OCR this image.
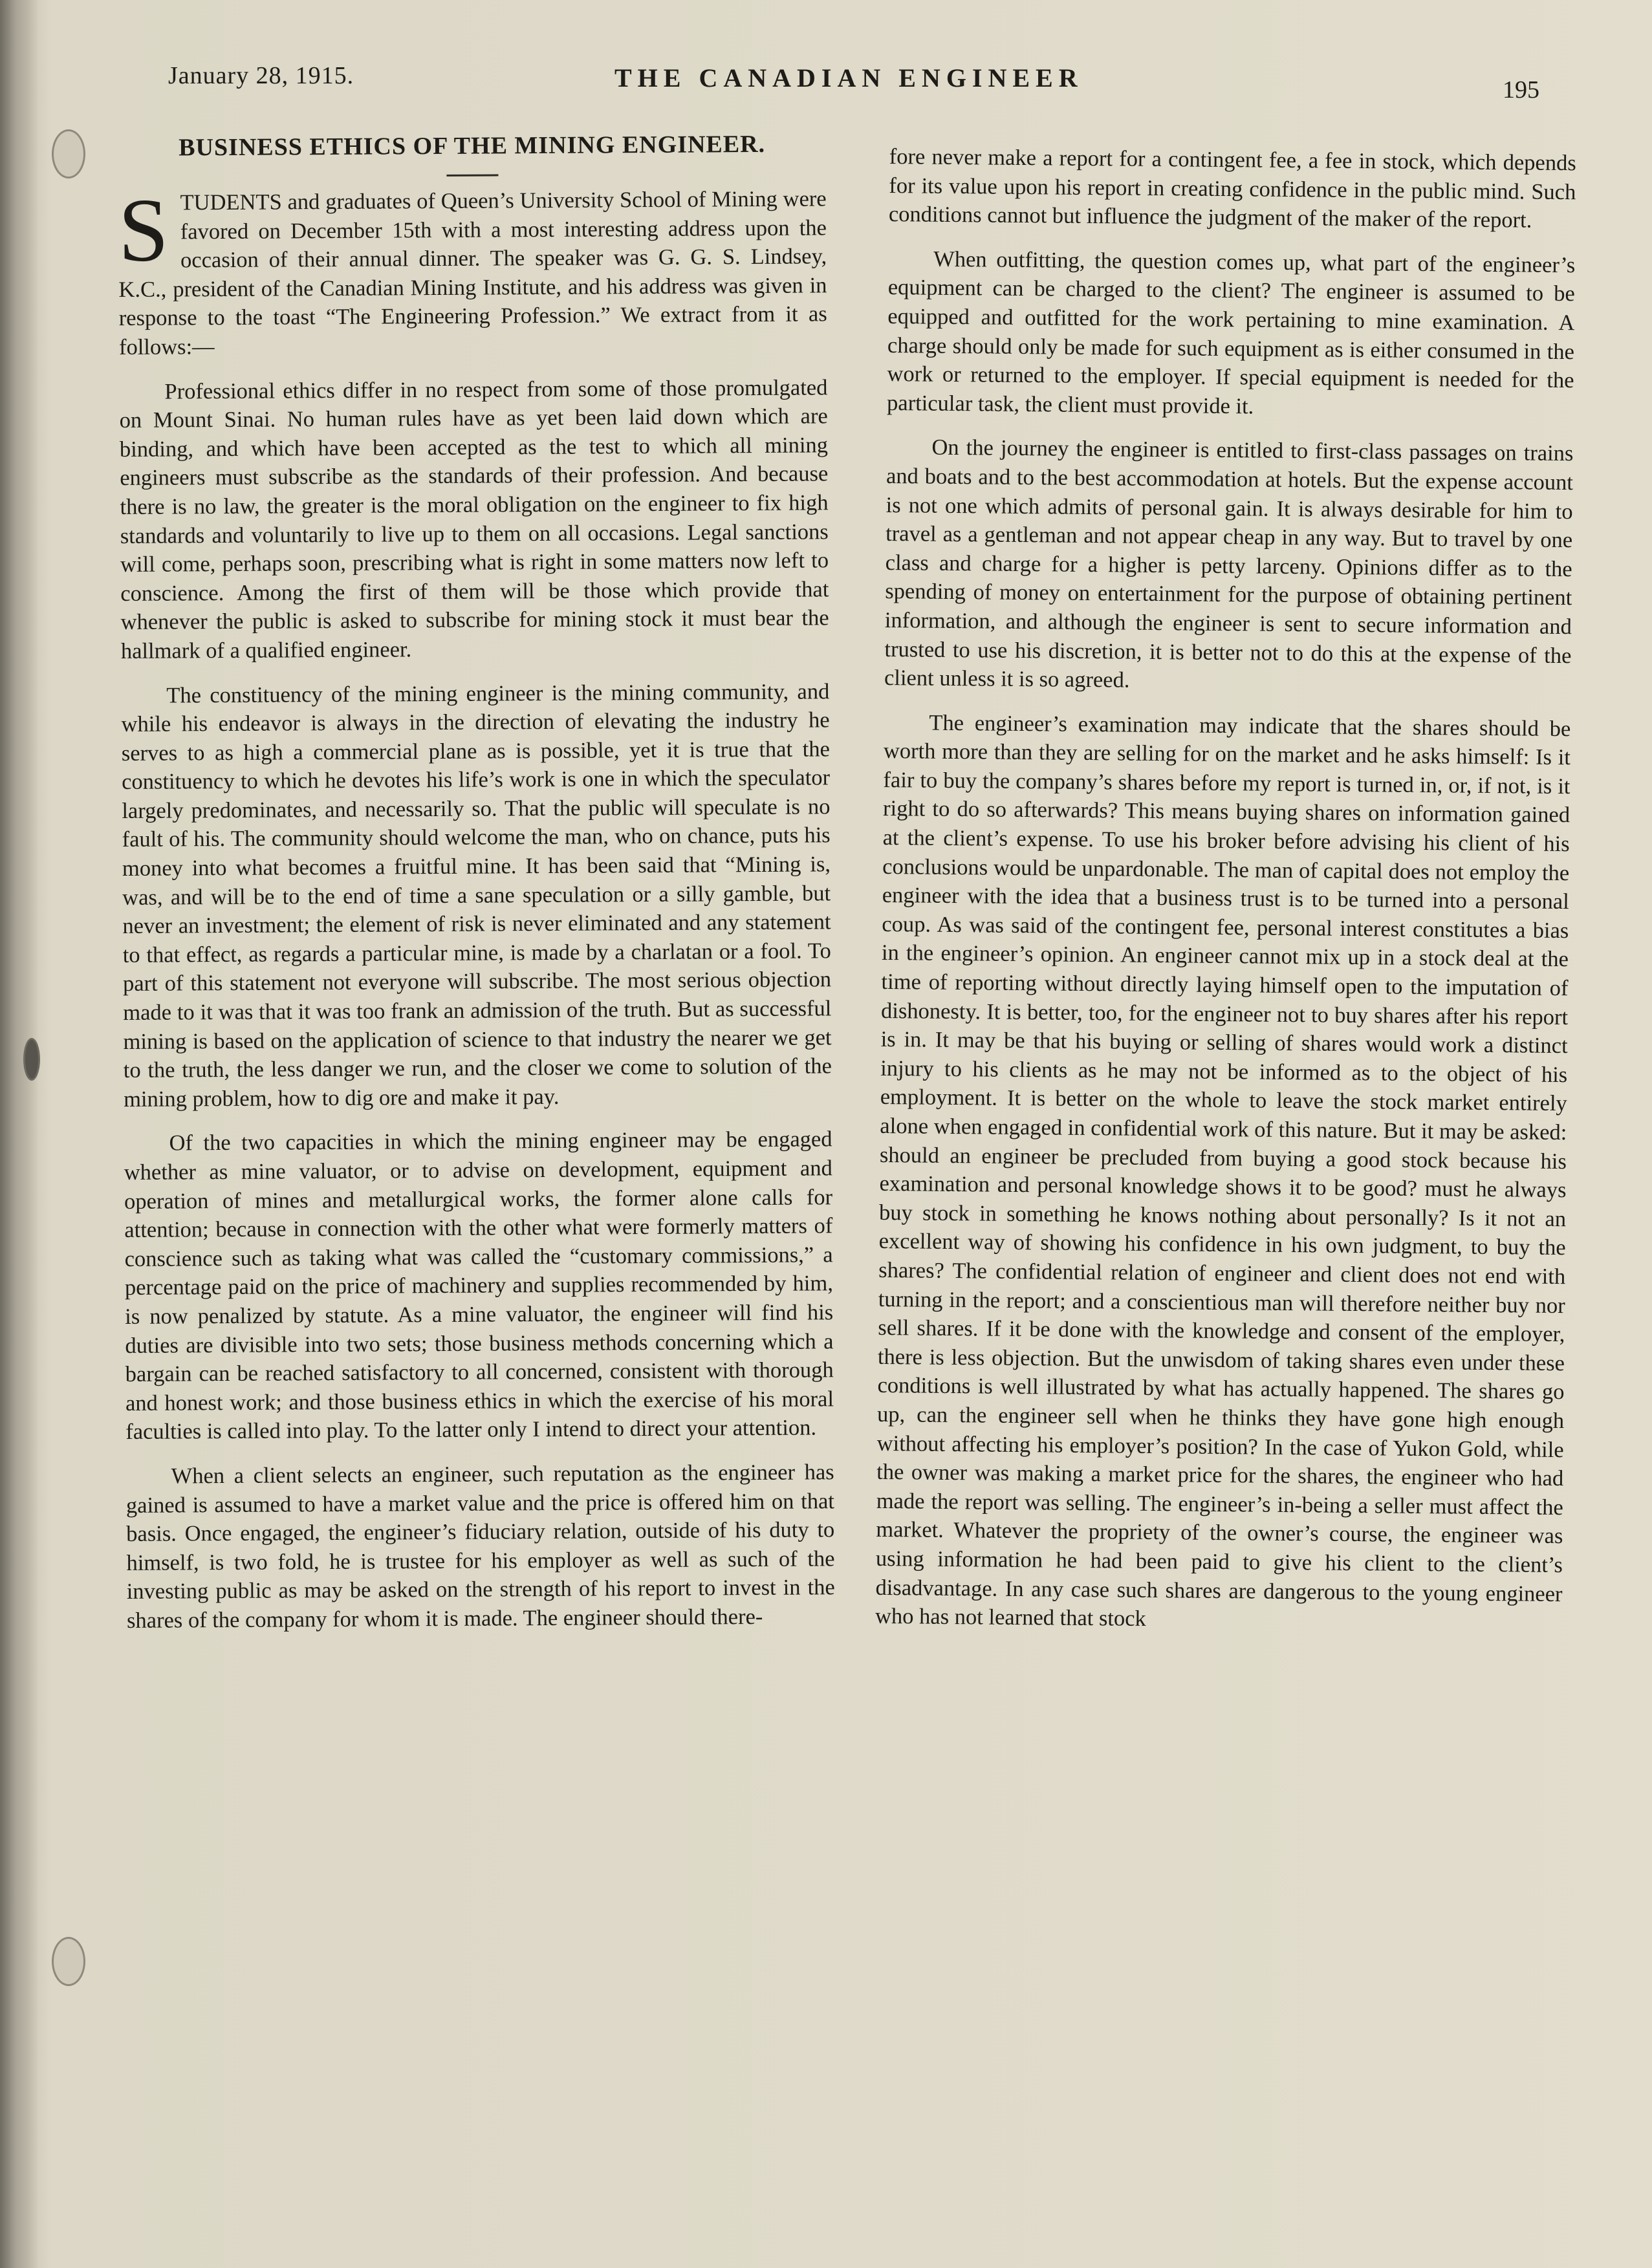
January 28, 1915.	THE CANADIAN ENGINEER	195
BUSINESS ETHICS OF THE MINING ENGINEER.

S TUDENTS and graduates of Queen’s University School of Mining were favored on December 15th with a most interesting address upon the occasion of their annual dinner. The speaker was G. G. S. Lindsey, K.C., president of the Canadian Mining Institute, and his address was given in response to the toast “The Engineering Profession.” We extract from it as follows:—

Professional ethics differ in no respect from some of those promulgated on Mount Sinai. No human rules have as yet been laid down which are binding, and which have been accepted as the test to which all mining engineers must subscribe as the standards of their profession. And because there is no law, the greater is the moral obligation on the engineer to fix high standards and voluntarily to live up to them on all occasions. Legal sanctions will come, perhaps soon, prescribing what is right in some matters now left to conscience. Among the first of them will be those which provide that whenever the public is asked to subscribe for mining stock it must bear the hallmark of a qualified engineer.

The constituency of the mining engineer is the mining community, and while his endeavor is always in the direction of elevating the industry he serves to as high a commercial plane as is possible, yet it is true that the constituency to which he devotes his life’s work is one in which the speculator largely predominates, and necessarily so. That the public will speculate is no fault of his. The community should welcome the man, who on chance, puts his money into what becomes a fruitful mine. It has been said that “Mining is, was, and will be to the end of time a sane speculation or a silly gamble, but never an investment; the element of risk is never eliminated and any statement to that effect, as regards a particular mine, is made by a charlatan or a fool. To part of this statement not everyone will subscribe. The most serious objection made to it was that it was too frank an admission of the truth. But as successful mining is based on the application of science to that industry the nearer we get to the truth, the less danger we run, and the closer we come to solution of the mining problem, how to dig ore and make it pay.

Of the two capacities in which the mining engineer may be engaged whether as mine valuator, or to advise on development, equipment and operation of mines and metallurgical works, the former alone calls for attention; because in connection with the other what were formerly matters of conscience such as taking what was called the “customary commissions,” a percentage paid on the price of machinery and supplies recommended by him, is now penalized by statute. As a mine valuator, the engineer will find his duties are divisible into two sets; those business methods concerning which a bargain can be reached satisfactory to all concerned, consistent with thorough and honest work; and those business ethics in which the exercise of his moral faculties is called into play. To the latter only I intend to direct your attention.

When a client selects an engineer, such reputation as the engineer has gained is assumed to have a market value and the price is offered him on that basis. Once engaged, the engineer’s fiduciary relation, outside of his duty to himself, is two fold, he is trustee for his employer as well as such of the investing public as may be asked on the strength of his report to invest in the shares of the company for whom it is made. The engineer should there-

fore never make a report for a contingent fee, a fee in stock, which depends for its value upon his report in creating confidence in the public mind. Such conditions cannot but influence the judgment of the maker of the report.

When outfitting, the question comes up, what part of the engineer’s equipment can be charged to the client? The engineer is assumed to be equipped and outfitted for the work pertaining to mine examination. A charge should only be made for such equipment as is either consumed in the work or returned to the employer. If special equipment is needed for the particular task, the client must provide it.

On the journey the engineer is entitled to first-class passages on trains and boats and to the best accommodation at hotels. But the expense account is not one which admits of personal gain. It is always desirable for him to travel as a gentleman and not appear cheap in any way. But to travel by one class and charge for a higher is petty larceny. Opinions differ as to the spending of money on entertainment for the purpose of obtaining pertinent information, and although the engineer is sent to secure information and trusted to use his discretion, it is better not to do this at the expense of the client unless it is so agreed.

The engineer’s examination may indicate that the shares should be worth more than they are selling for on the market and he asks himself: Is it fair to buy the company’s shares before my report is turned in, or, if not, is it right to do so afterwards? This means buying shares on information gained at the client’s expense. To use his broker before advising his client of his conclusions would be unpardonable. The man of capital does not employ the engineer with the idea that a business trust is to be turned into a personal coup. As was said of the contingent fee, personal interest constitutes a bias in the engineer’s opinion. An engineer cannot mix up in a stock deal at the time of reporting without directly laying himself open to the imputation of dishonesty. It is better, too, for the engineer not to buy shares after his report is in. It may be that his buying or selling of shares would work a distinct injury to his clients as he may not be informed as to the object of his employment. It is better on the whole to leave the stock market entirely alone when engaged in confidential work of this nature. But it may be asked: should an engineer be precluded from buying a good stock because his examination and personal knowledge shows it to be good? must he always buy stock in something he knows nothing about personally? Is it not an excellent way of showing his confidence in his own judgment, to buy the shares? The confidential relation of engineer and client does not end with turning in the report; and a conscientious man will therefore neither buy nor sell shares. If it be done with the knowledge and consent of the employer, there is less objection. But the unwisdom of taking shares even under these conditions is well illustrated by what has actually happened. The shares go up, can the engineer sell when he thinks they have gone high enough without affecting his employer’s position? In the case of Yukon Gold, while the owner was making a market price for the shares, the engineer who had made the report was selling. The engineer’s in-being a seller must affect the market. Whatever the propriety of the owner’s course, the engineer was using information he had been paid to give his client to the client’s disadvantage. In any case such shares are dangerous to the young engineer who has not learned that stock
